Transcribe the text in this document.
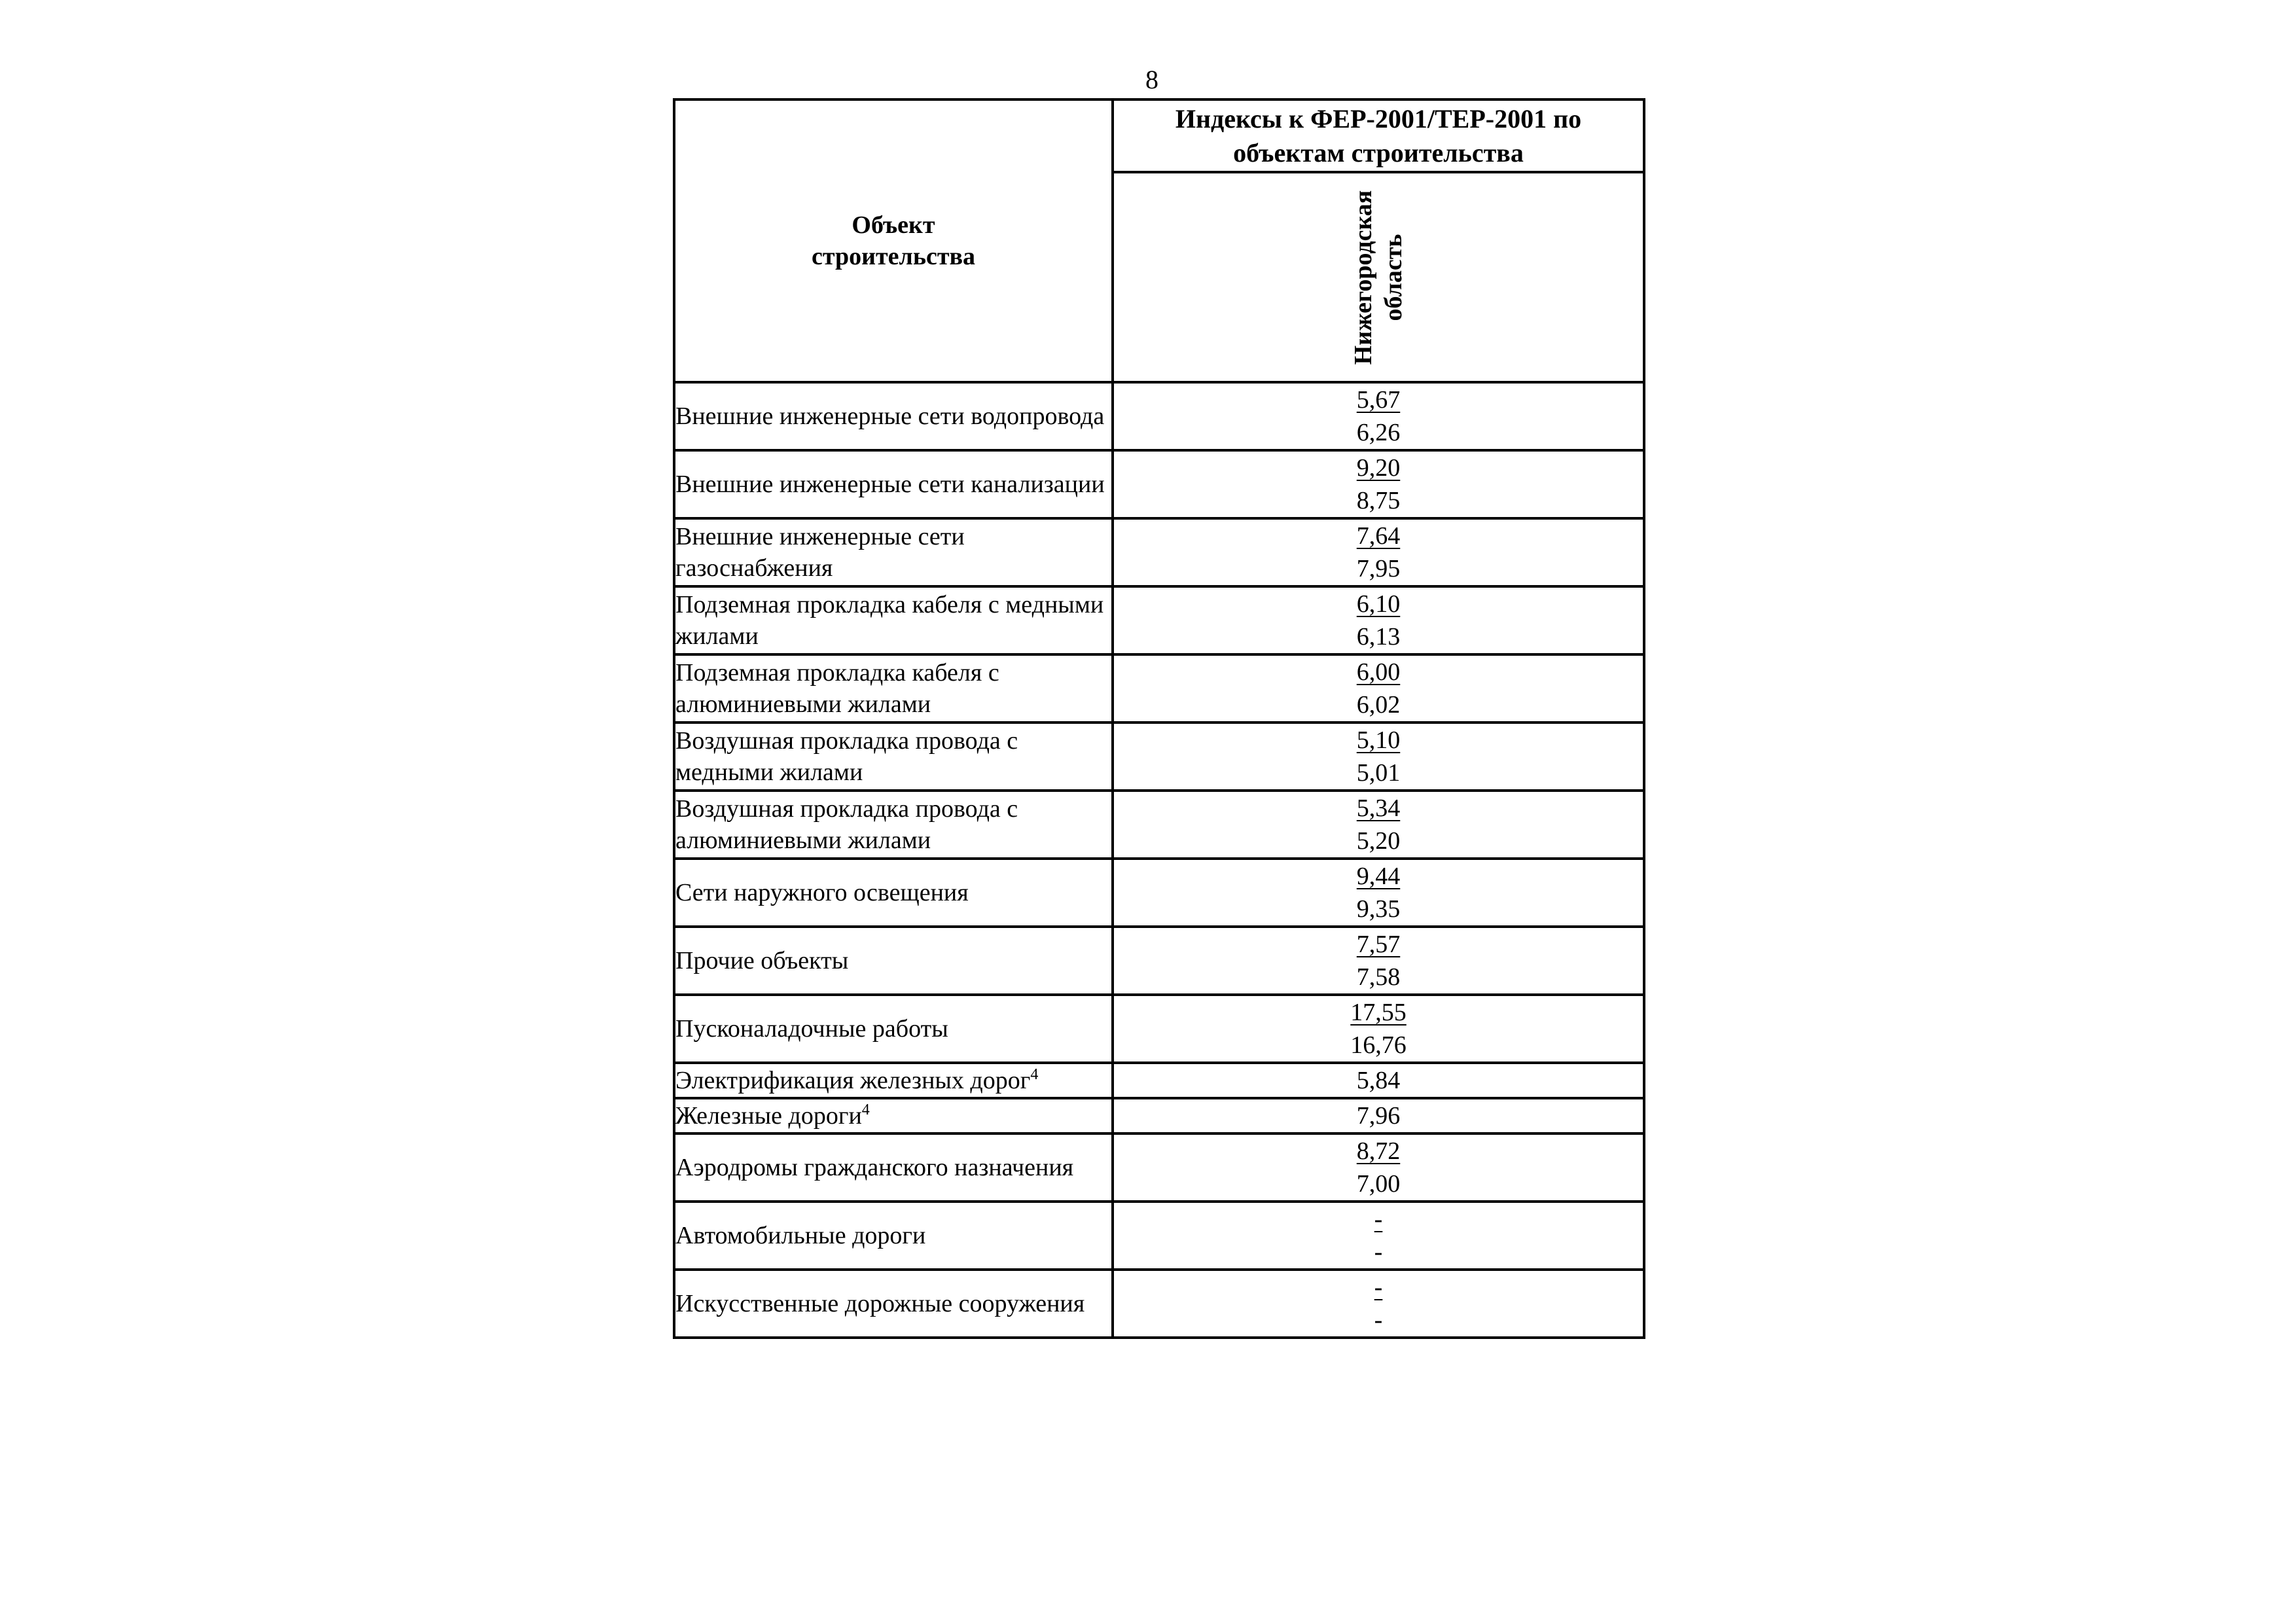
8
Объект
строительства	Индексы к ФЕР-2001/ТЕР-2001 по
объектам строительства

	Нижегородская область

Внешние инженерные сети водопровода	5,67
6,26

Внешние инженерные сети канализации	9,20
8,75

Внешние инженерные сети газоснабжения	7,64
7,95

Подземная прокладка кабеля с медными жилами	6,10
6,13

Подземная прокладка кабеля с алюминиевыми жилами	6,00
6,02

Воздушная прокладка провода с медными жилами	5,10
5,01

Воздушная прокладка провода с алюминиевыми жилами	5,34
5,20

Сети наружного освещения	9,44
9,35

Прочие объекты	7,57
7,58

Пусконаладочные работы	17,55
16,76

Электрификация железных дорог$^4$	5,84
Железные дороги$^4$	7,96
Аэродромы гражданского назначения	8,72
7,00

Автомобильные дороги	-
-

Искусственные дорожные сооружения	-
-
